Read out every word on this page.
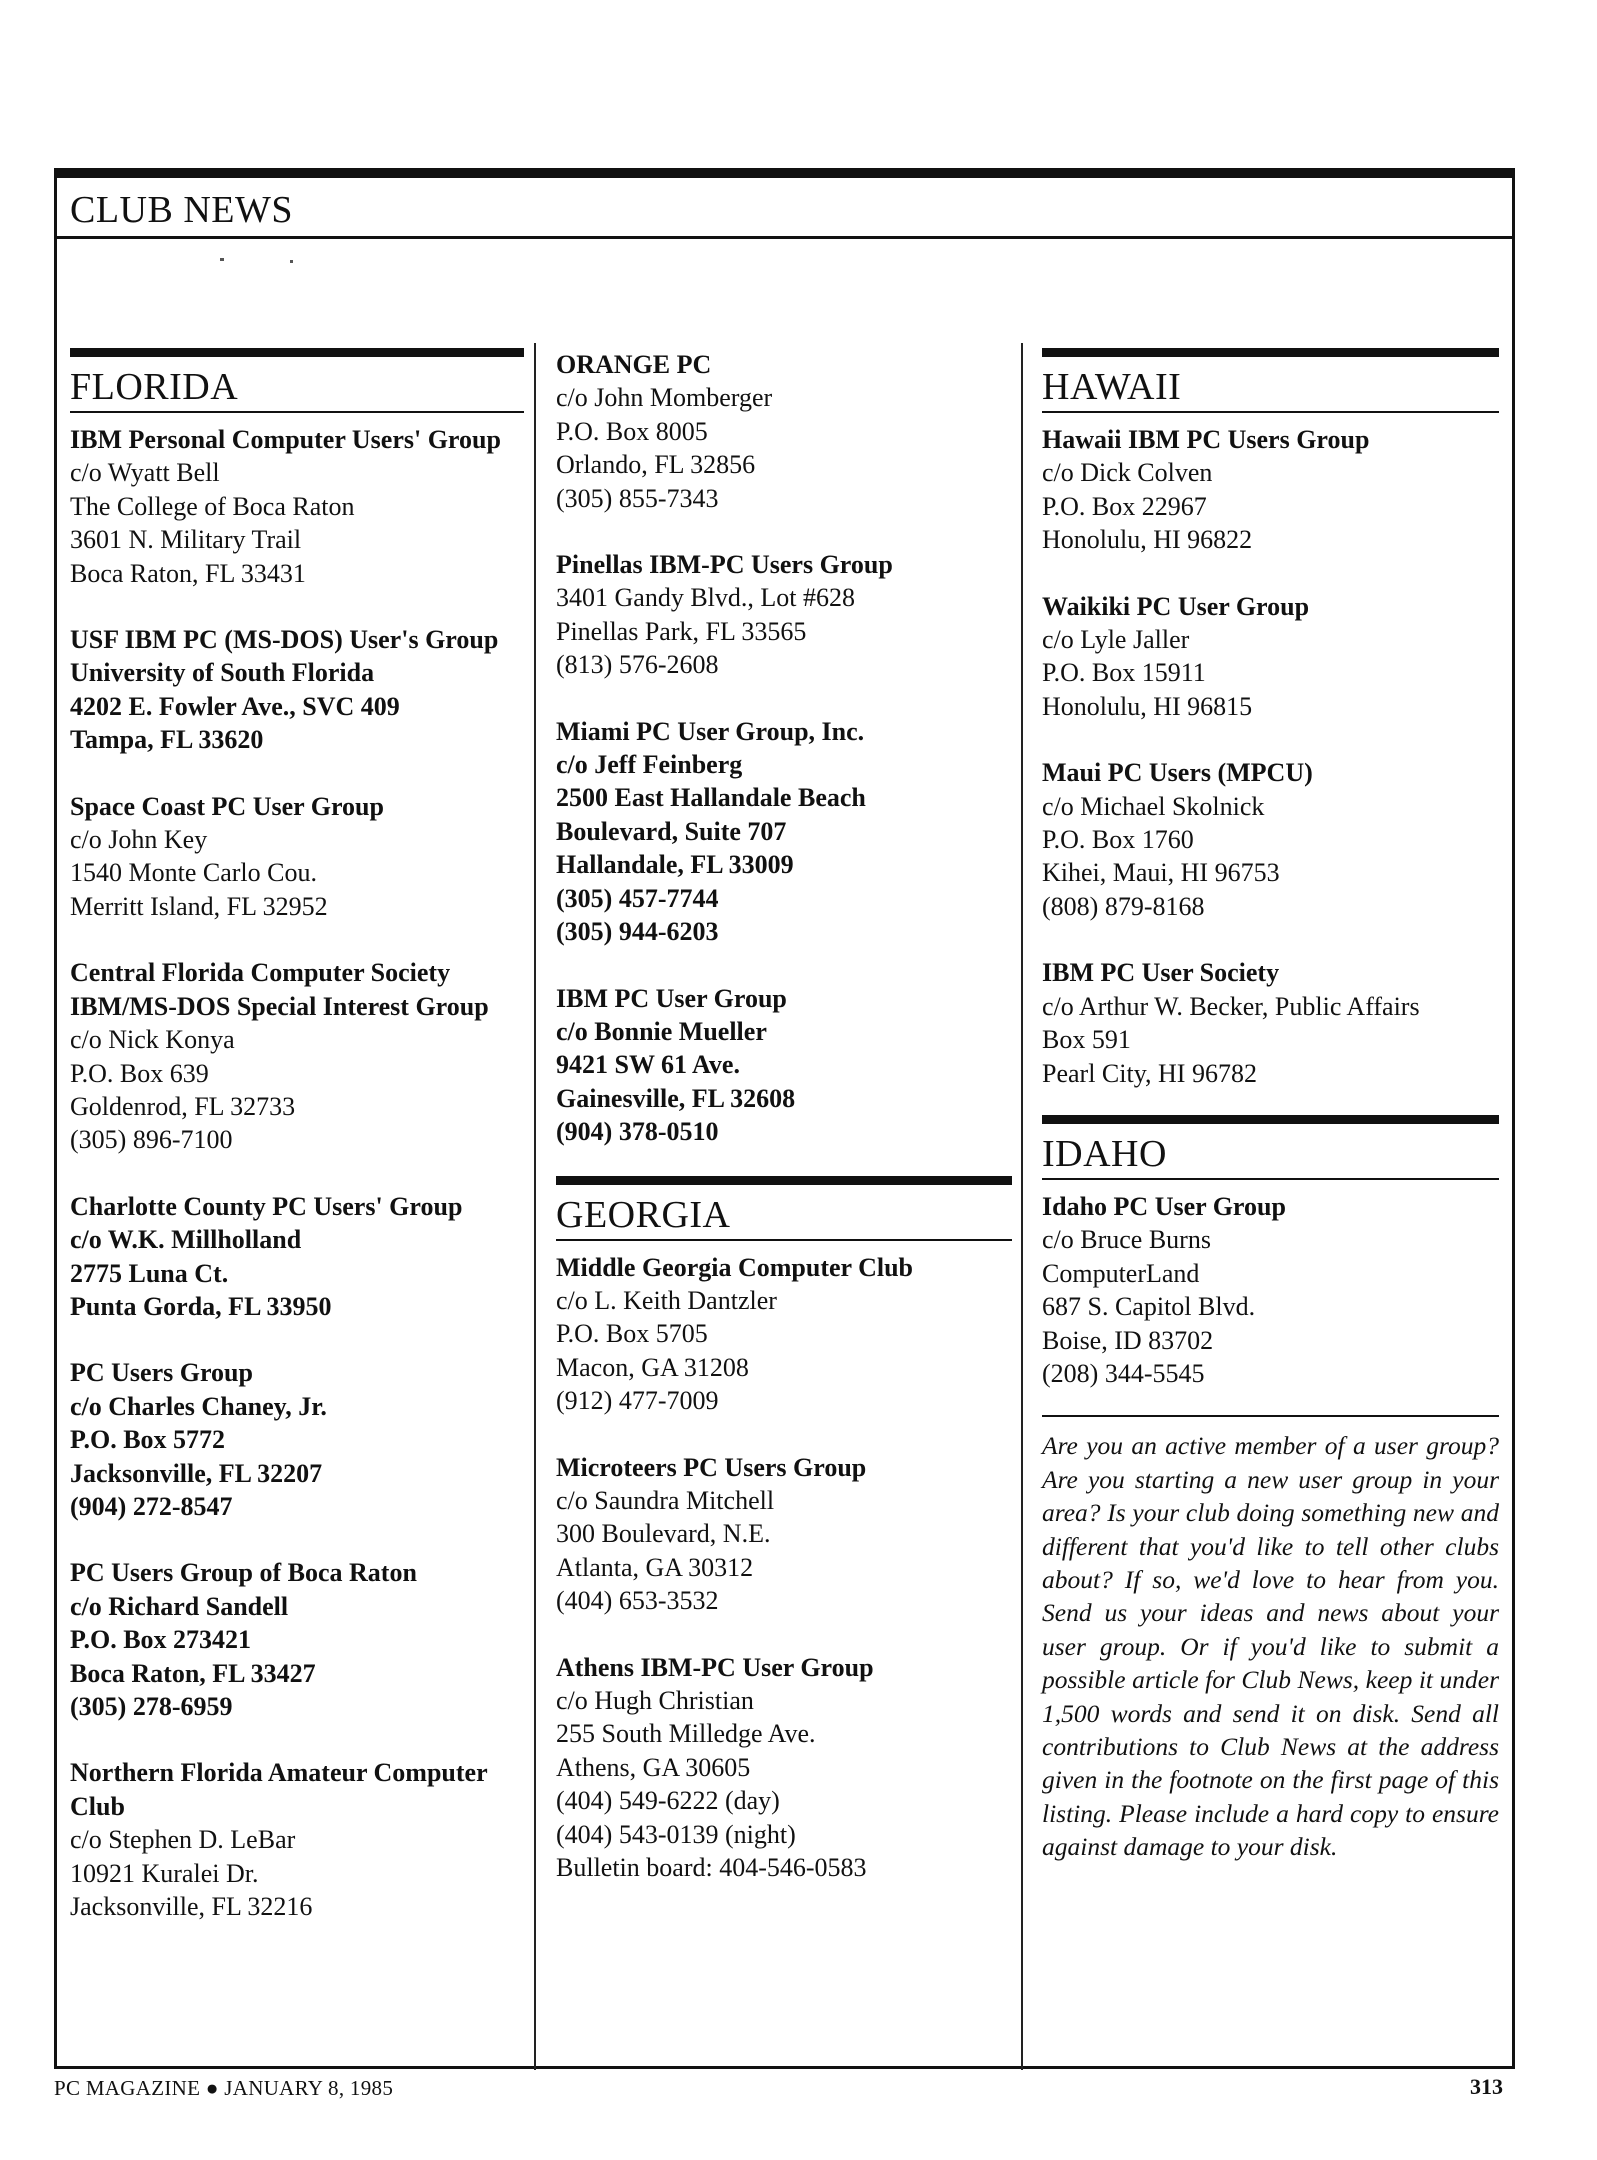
CLUB NEWS
FLORIDA
IBM Personal Computer Users' Group
c/o Wyatt Bell
The College of Boca Raton
3601 N. Military Trail
Boca Raton, FL 33431
USF IBM PC (MS-DOS) User's Group
University of South Florida
4202 E. Fowler Ave., SVC 409
Tampa, FL 33620
Space Coast PC User Group
c/o John Key
1540 Monte Carlo Cou.
Merritt Island, FL 32952
Central Florida Computer Society IBM/MS-DOS Special Interest Group
c/o Nick Konya
P.O. Box 639
Goldenrod, FL 32733
(305) 896-7100
Charlotte County PC Users' Group
c/o W.K. Millholland
2775 Luna Ct.
Punta Gorda, FL 33950
PC Users Group
c/o Charles Chaney, Jr.
P.O. Box 5772
Jacksonville, FL 32207
(904) 272-8547
PC Users Group of Boca Raton
c/o Richard Sandell
P.O. Box 273421
Boca Raton, FL 33427
(305) 278-6959
Northern Florida Amateur Computer Club
c/o Stephen D. LeBar
10921 Kuralei Dr.
Jacksonville, FL 32216
ORANGE PC
c/o John Momberger
P.O. Box 8005
Orlando, FL 32856
(305) 855-7343
Pinellas IBM-PC Users Group
3401 Gandy Blvd., Lot #628
Pinellas Park, FL 33565
(813) 576-2608
Miami PC User Group, Inc.
c/o Jeff Feinberg
2500 East Hallandale Beach
Boulevard, Suite 707
Hallandale, FL 33009
(305) 457-7744
(305) 944-6203
IBM PC User Group
c/o Bonnie Mueller
9421 SW 61 Ave.
Gainesville, FL 32608
(904) 378-0510
GEORGIA
Middle Georgia Computer Club
c/o L. Keith Dantzler
P.O. Box 5705
Macon, GA 31208
(912) 477-7009
Microteers PC Users Group
c/o Saundra Mitchell
300 Boulevard, N.E.
Atlanta, GA 30312
(404) 653-3532
Athens IBM-PC User Group
c/o Hugh Christian
255 South Milledge Ave.
Athens, GA 30605
(404) 549-6222 (day)
(404) 543-0139 (night)
Bulletin board: 404-546-0583
HAWAII
Hawaii IBM PC Users Group
c/o Dick Colven
P.O. Box 22967
Honolulu, HI 96822
Waikiki PC User Group
c/o Lyle Jaller
P.O. Box 15911
Honolulu, HI 96815
Maui PC Users (MPCU)
c/o Michael Skolnick
P.O. Box 1760
Kihei, Maui, HI 96753
(808) 879-8168
IBM PC User Society
c/o Arthur W. Becker, Public Affairs
Box 591
Pearl City, HI 96782
IDAHO
Idaho PC User Group
c/o Bruce Burns
ComputerLand
687 S. Capitol Blvd.
Boise, ID 83702
(208) 344-5545
Are you an active member of a user group? Are you starting a new user group in your area? Is your club doing something new and different that you'd like to tell other clubs about? If so, we'd love to hear from you. Send us your ideas and news about your user group. Or if you'd like to submit a possible article for Club News, keep it under 1,500 words and send it on disk. Send all contributions to Club News at the address given in the footnote on the first page of this listing. Please include a hard copy to ensure against damage to your disk.
PC MAGAZINE ● JANUARY 8, 1985	313
